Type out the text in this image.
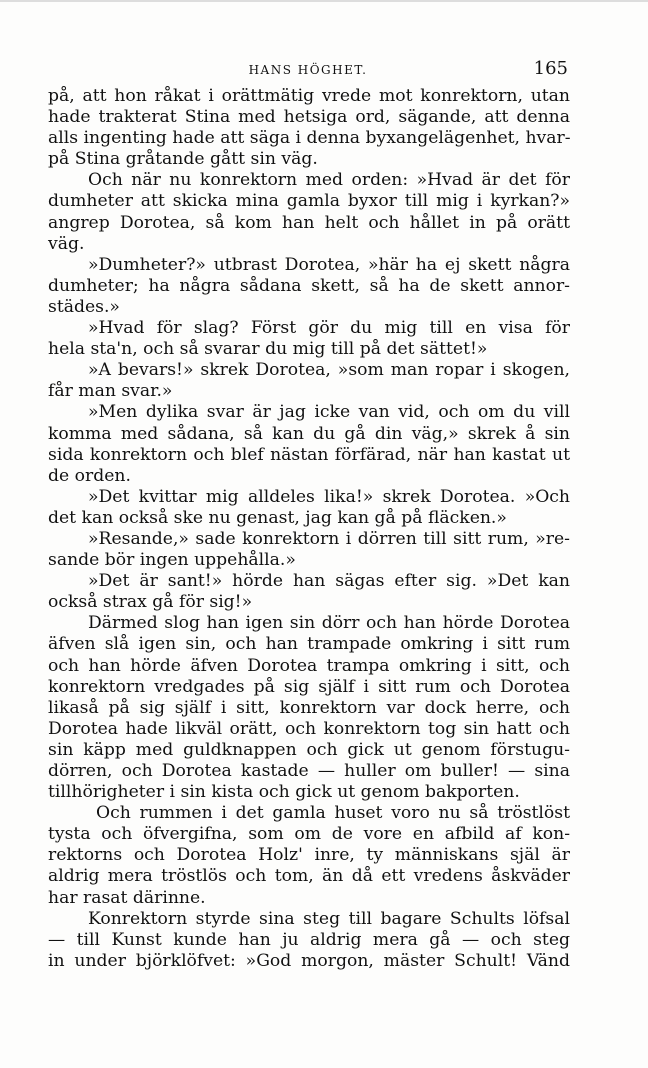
HANS HÖGHET.	165
på, att hon råkat i orättmätig vrede mot konrektorn, utan
hade trakterat Stina med hetsiga ord, sägande, att denna
alls ingenting hade att säga i denna byxangelägenhet, hvar-
på Stina gråtande gått sin väg.
Och när nu konrektorn med orden: »Hvad är det för
dumheter att skicka mina gamla byxor till mig i kyrkan?»
angrep Dorotea, så kom han helt och hållet in på orätt
väg.
»Dumheter?» utbrast Dorotea, »här ha ej skett några
dumheter; ha några sådana skett, så ha de skett annor-
städes.»
»Hvad för slag? Först gör du mig till en visa för
hela sta'n, och så svarar du mig till på det sättet!»
»A bevars!» skrek Dorotea, »som man ropar i skogen,
får man svar.»
»Men dylika svar är jag icke van vid, och om du vill
komma med sådana, så kan du gå din väg,» skrek å sin
sida konrektorn och blef nästan förfärad, när han kastat ut
de orden.
»Det kvittar mig alldeles lika!» skrek Dorotea. »Och
det kan också ske nu genast, jag kan gå på fläcken.»
»Resande,» sade konrektorn i dörren till sitt rum, »re-
sande bör ingen uppehålla.»
»Det är sant!» hörde han sägas efter sig. »Det kan
också strax gå för sig!»
Därmed slog han igen sin dörr och han hörde Dorotea
äfven slå igen sin, och han trampade omkring i sitt rum
och han hörde äfven Dorotea trampa omkring i sitt, och
konrektorn vredgades på sig själf i sitt rum och Dorotea
likaså på sig själf i sitt, konrektorn var dock herre, och
Dorotea hade likväl orätt, och konrektorn tog sin hatt och
sin käpp med guldknappen och gick ut genom förstugu-
dörren, och Dorotea kastade — huller om buller! — sina
tillhörigheter i sin kista och gick ut genom bakporten.
Och rummen i det gamla huset voro nu så tröstlöst
tysta och öfvergifna, som om de vore en afbild af kon-
rektorns och Dorotea Holz' inre, ty människans själ är
aldrig mera tröstlös och tom, än då ett vredens åskväder
har rasat därinne.
Konrektorn styrde sina steg till bagare Schults löfsal
— till Kunst kunde han ju aldrig mera gå — och steg
in under björklöfvet: »God morgon, mäster Schult! Vänd
